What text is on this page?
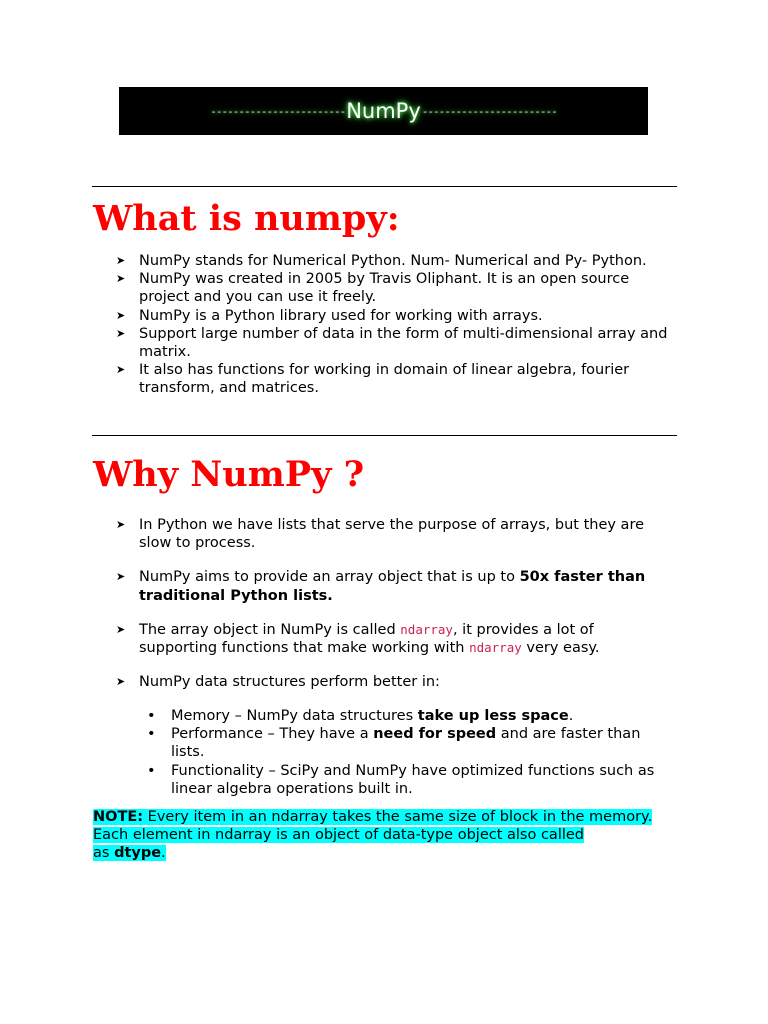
------------------------ NumPy ------------------------
What is numpy:
➤ NumPy stands for Numerical Python. Num- Numerical and Py- Python.
➤ NumPy was created in 2005 by Travis Oliphant. It is an open source project and you can use it freely.
➤ NumPy is a Python library used for working with arrays.
➤ Support large number of data in the form of multi-dimensional array and matrix.
➤ It also has functions for working in domain of linear algebra, fourier transform, and matrices.
Why NumPy ?
➤ In Python we have lists that serve the purpose of arrays, but they are slow to process.
➤ NumPy aims to provide an array object that is up to 50x faster than traditional Python lists.
➤ The array object in NumPy is called ndarray, it provides a lot of supporting functions that make working with ndarray very easy.
➤ NumPy data structures perform better in:
• Memory – NumPy data structures take up less space.
• Performance – They have a need for speed and are faster than lists.
• Functionality – SciPy and NumPy have optimized functions such as linear algebra operations built in.
NOTE: Every item in an ndarray takes the same size of block in the memory.
Each element in ndarray is an object of data-type object also called
as dtype.
